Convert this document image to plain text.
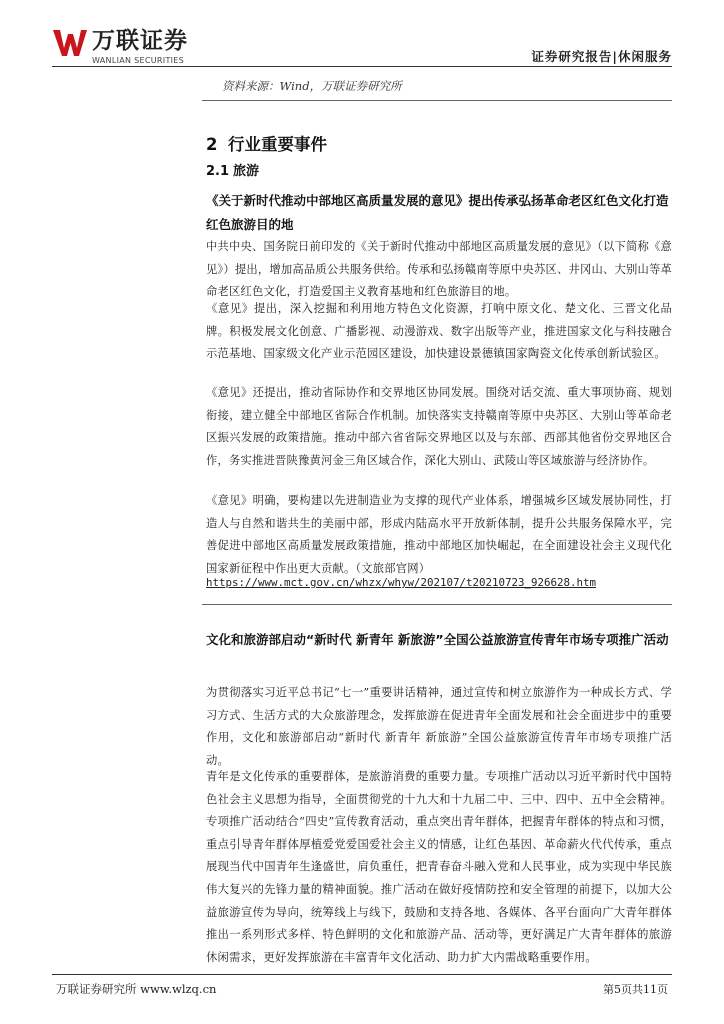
万联证券
WANLIAN SECURITIES	证券研究报告|休闲服务
资料来源：Wind，万联证券研究所
2 行业重要事件
2.1 旅游
《关于新时代推动中部地区高质量发展的意见》提出传承弘扬革命老区红色文化打造红色旅游目的地

中共中央、国务院日前印发的《关于新时代推动中部地区高质量发展的意见》（以下简称《意见》）提出，增加高品质公共服务供给。传承和弘扬赣南等原中央苏区、井冈山、大别山等革命老区红色文化，打造爱国主义教育基地和红色旅游目的地。

《意见》提出，深入挖掘和利用地方特色文化资源，打响中原文化、楚文化、三晋文化品牌。积极发展文化创意、广播影视、动漫游戏、数字出版等产业，推进国家文化与科技融合示范基地、国家级文化产业示范园区建设，加快建设景德镇国家陶瓷文化传承创新试验区。

《意见》还提出，推动省际协作和交界地区协同发展。围绕对话交流、重大事项协商、规划衔接，建立健全中部地区省际合作机制。加快落实支持赣南等原中央苏区、大别山等革命老区振兴发展的政策措施。推动中部六省省际交界地区以及与东部、西部其他省份交界地区合作，务实推进晋陕豫黄河金三角区域合作，深化大别山、武陵山等区域旅游与经济协作。

《意见》明确，要构建以先进制造业为支撑的现代产业体系，增强城乡区域发展协同性，打造人与自然和谐共生的美丽中部，形成内陆高水平开放新体制，提升公共服务保障水平，完善促进中部地区高质量发展政策措施，推动中部地区加快崛起，在全面建设社会主义现代化国家新征程中作出更大贡献。（文旅部官网）

https://www.mct.gov.cn/whzx/whyw/202107/t20210723_926628.htm
文化和旅游部启动“新时代 新青年 新旅游”全国公益旅游宣传青年市场专项推广活动

为贯彻落实习近平总书记“七一”重要讲话精神，通过宣传和树立旅游作为一种成长方式、学习方式、生活方式的大众旅游理念，发挥旅游在促进青年全面发展和社会全面进步中的重要作用，文化和旅游部启动“新时代 新青年 新旅游”全国公益旅游宣传青年市场专项推广活动。

青年是文化传承的重要群体，是旅游消费的重要力量。专项推广活动以习近平新时代中国特色社会主义思想为指导，全面贯彻党的十九大和十九届二中、三中、四中、五中全会精神。专项推广活动结合“四史”宣传教育活动，重点突出青年群体，把握青年群体的特点和习惯，重点引导青年群体厚植爱党爱国爱社会主义的情感，让红色基因、革命薪火代代传承，重点展现当代中国青年生逢盛世，肩负重任，把青春奋斗融入党和人民事业，成为实现中华民族伟大复兴的先锋力量的精神面貌。推广活动在做好疫情防控和安全管理的前提下，以加大公益旅游宣传为导向，统筹线上与线下，鼓励和支持各地、各媒体、各平台面向广大青年群体推出一系列形式多样、特色鲜明的文化和旅游产品、活动等，更好满足广大青年群体的旅游休闲需求，更好发挥旅游在丰富青年文化活动、助力扩大内需战略重要作用。

万联证券研究所 www.wlzq.cn	第5页共11页
